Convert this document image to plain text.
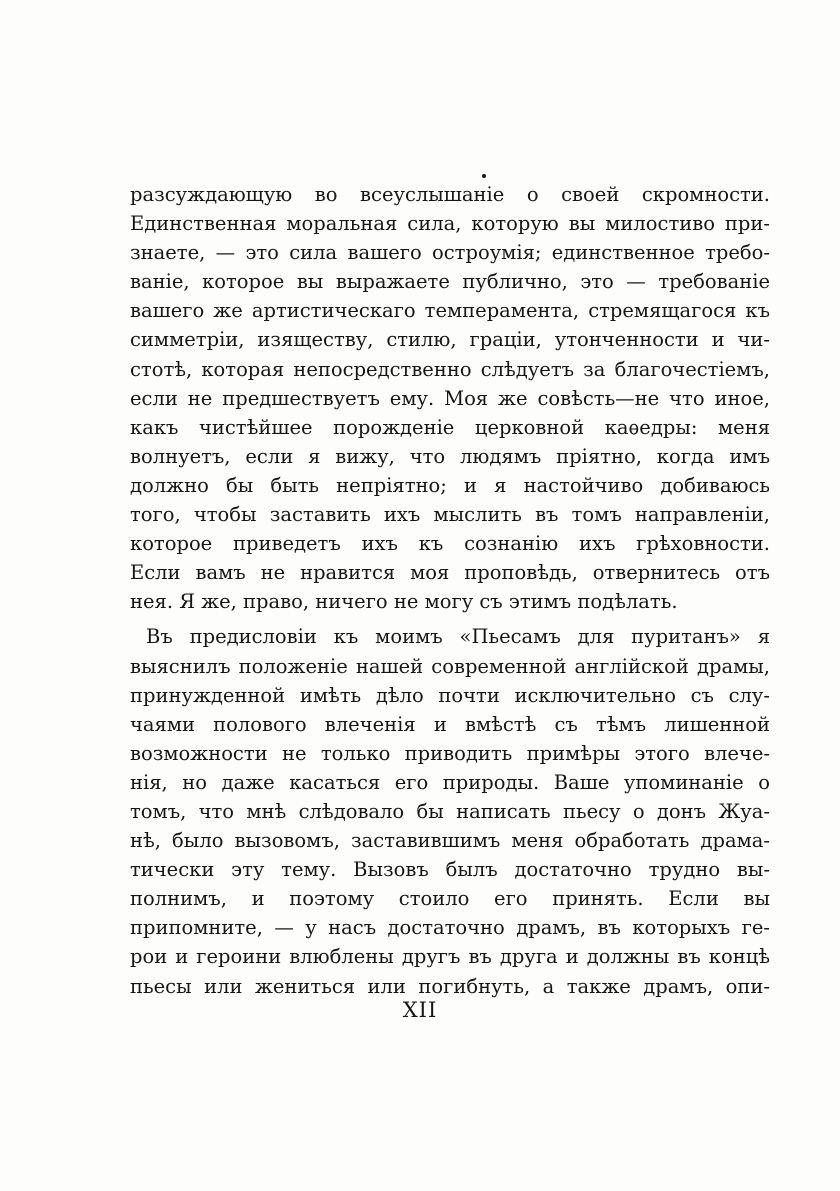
разсуждающую во всеуслышанiе о своей скромности.
Единственная моральная сила, которую вы милостиво при-
знаете, — это сила вашего остроумiя; единственное требо-
ванiе, которое вы выражаете публично, это — требованiе
вашего же артистическаго темперамента, стремящагося къ
симметрiи, изяществу, стилю, грацiи, утонченности и чи-
стотѣ, которая непосредственно слѣдуетъ за благочестiемъ,
если не предшествуетъ ему. Моя же совѣсть—не что иное,
какъ чистѣйшее порожденiе церковной каѳедры: меня
волнуетъ, если я вижу, что людямъ прiятно, когда имъ
должно бы быть непрiятно; и я настойчиво добиваюсь
того, чтобы заставить ихъ мыслить въ томъ направленiи,
которое приведетъ ихъ къ сознанiю ихъ грѣховности.
Если вамъ не нравится моя проповѣдь, отвернитесь отъ
нея. Я же, право, ничего не могу съ этимъ подѣлать.
Въ предисловiи къ моимъ «Пьесамъ для пуританъ» я
выяснилъ положенiе нашей современной англiйской драмы,
принужденной имѣть дѣло почти исключительно съ слу-
чаями полового влеченiя и вмѣстѣ съ тѣмъ лишенной
возможности не только приводить примѣры этого влече-
нiя, но даже касаться его природы. Ваше упоминанiе о
томъ, что мнѣ слѣдовало бы написать пьесу о донъ Жуа-
нѣ, было вызовомъ, заставившимъ меня обработать драма-
тически эту тему. Вызовъ былъ достаточно трудно вы-
полнимъ, и поэтому стоило его принять. Если вы
припомните, — у насъ достаточно драмъ, въ которыхъ ге-
рои и героини влюблены другъ въ друга и должны въ концѣ
пьесы или жениться или погибнуть, а также драмъ, опи-
XII
